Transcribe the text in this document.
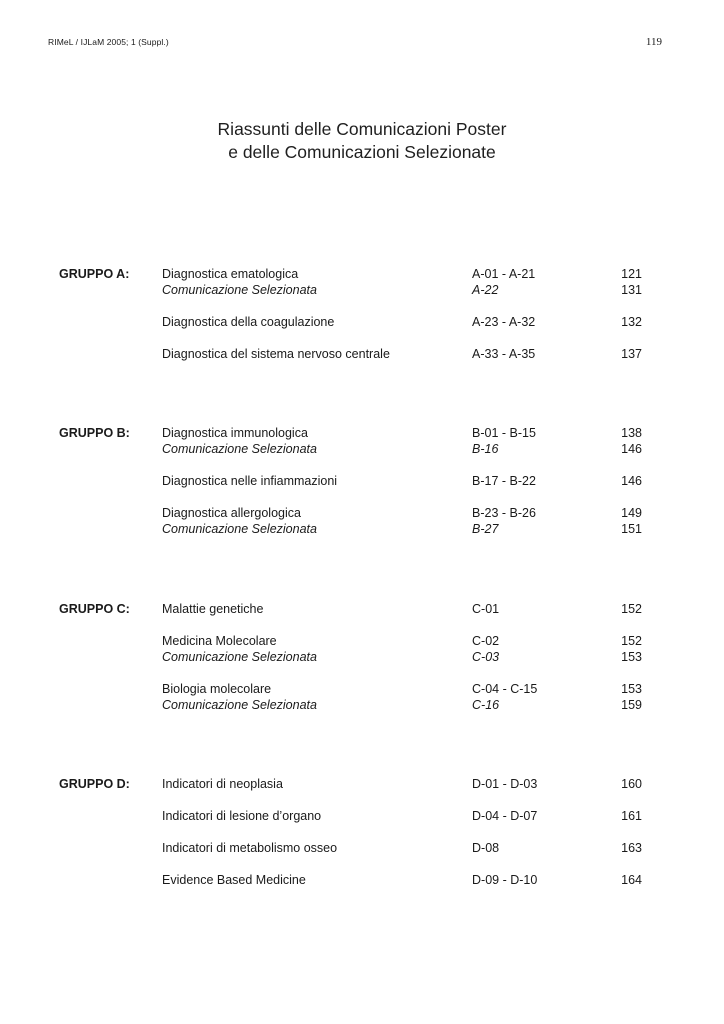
RIMeL / IJLaM 2005; 1 (Suppl.)	119
Riassunti delle Comunicazioni Poster
e delle Comunicazioni Selezionate
GRUPPO A:	Diagnostica ematologica	A-01 - A-21	121
Comunicazione Selezionata	A-22	131
Diagnostica della coagulazione	A-23 - A-32	132
Diagnostica del sistema nervoso centrale	A-33 - A-35	137
GRUPPO B:	Diagnostica immunologica	B-01 - B-15	138
Comunicazione Selezionata	B-16	146
Diagnostica nelle infiammazioni	B-17 - B-22	146
Diagnostica allergologica	B-23 - B-26	149
Comunicazione Selezionata	B-27	151
GRUPPO C:	Malattie genetiche	C-01	152
Medicina Molecolare	C-02	152
Comunicazione Selezionata	C-03	153
Biologia molecolare	C-04 - C-15	153
Comunicazione Selezionata	C-16	159
GRUPPO D:	Indicatori di neoplasia	D-01 - D-03	160
Indicatori di lesione d’organo	D-04 - D-07	161
Indicatori di metabolismo osseo	D-08	163
Evidence Based Medicine	D-09 - D-10	164
